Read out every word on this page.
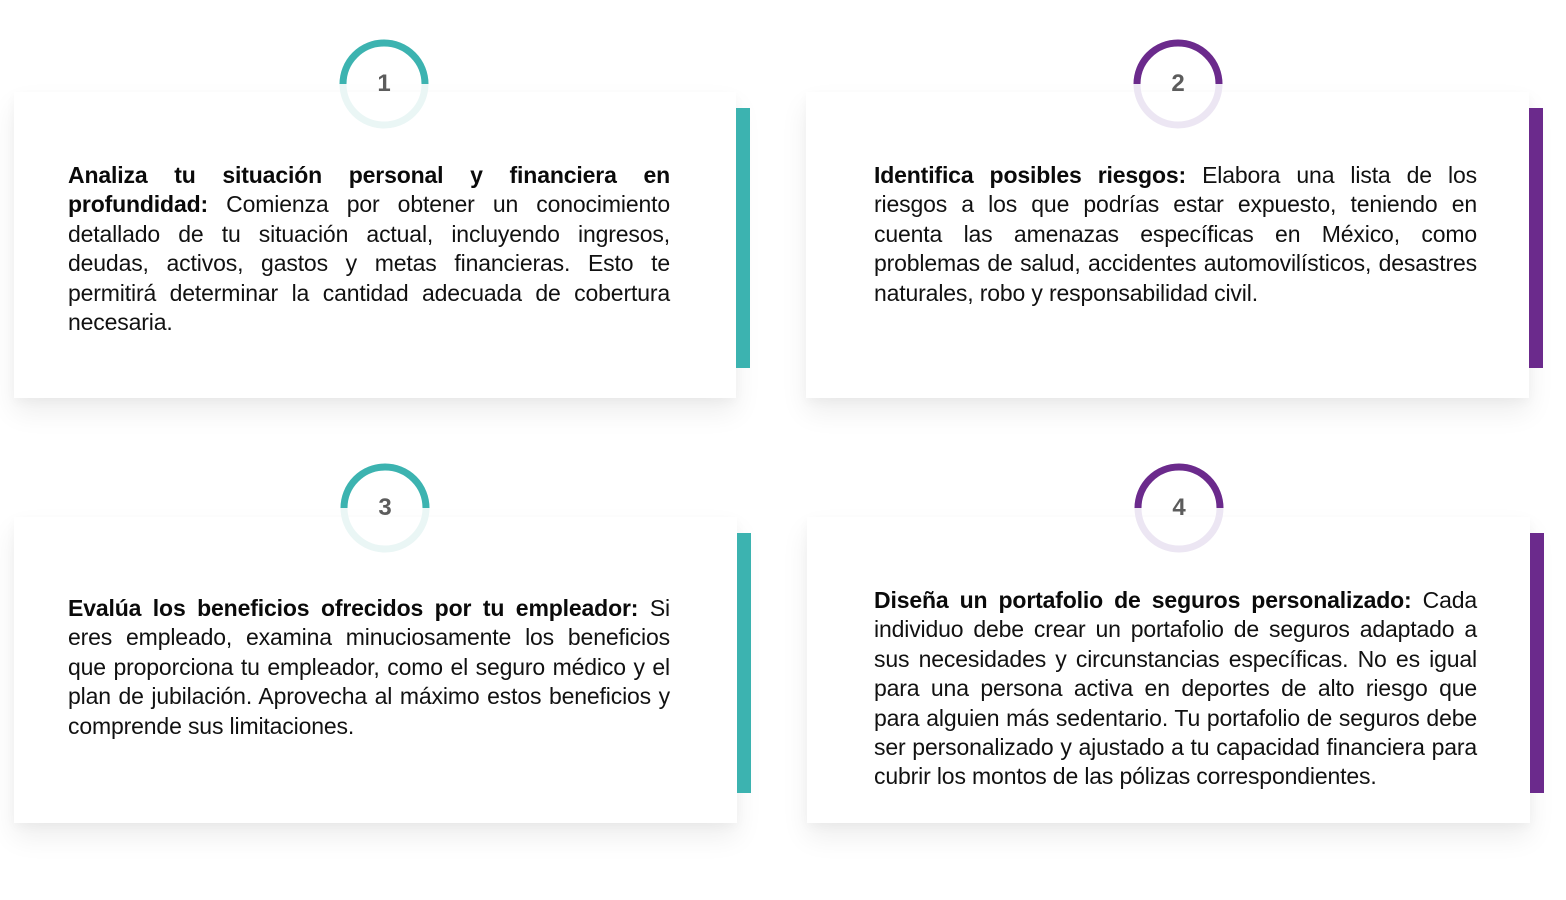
1

Analiza tu situación personal y financiera en profundidad: Comienza por obtener un conocimiento detallado de tu situación actual, incluyendo ingresos, deudas, activos, gastos y metas financieras. Esto te permitirá determinar la cantidad adecuada de cobertura necesaria.

2

Identifica posibles riesgos: Elabora una lista de los riesgos a los que podrías estar expuesto, teniendo en cuenta las amenazas específicas en México, como problemas de salud, accidentes automovilísticos, desastres naturales, robo y responsabilidad civil.

3

Evalúa los beneficios ofrecidos por tu empleador: Si eres empleado, examina minuciosamente los beneficios que proporciona tu empleador, como el seguro médico y el plan de jubilación. Aprovecha al máximo estos beneficios y comprende sus limitaciones.

4

Diseña un portafolio de seguros personalizado: Cada individuo debe crear un portafolio de seguros adaptado a sus necesidades y circunstancias específicas. No es igual para una persona activa en deportes de alto riesgo que para alguien más sedentario. Tu portafolio de seguros debe ser personalizado y ajustado a tu capacidad financiera para cubrir los montos de las pólizas correspondientes.
